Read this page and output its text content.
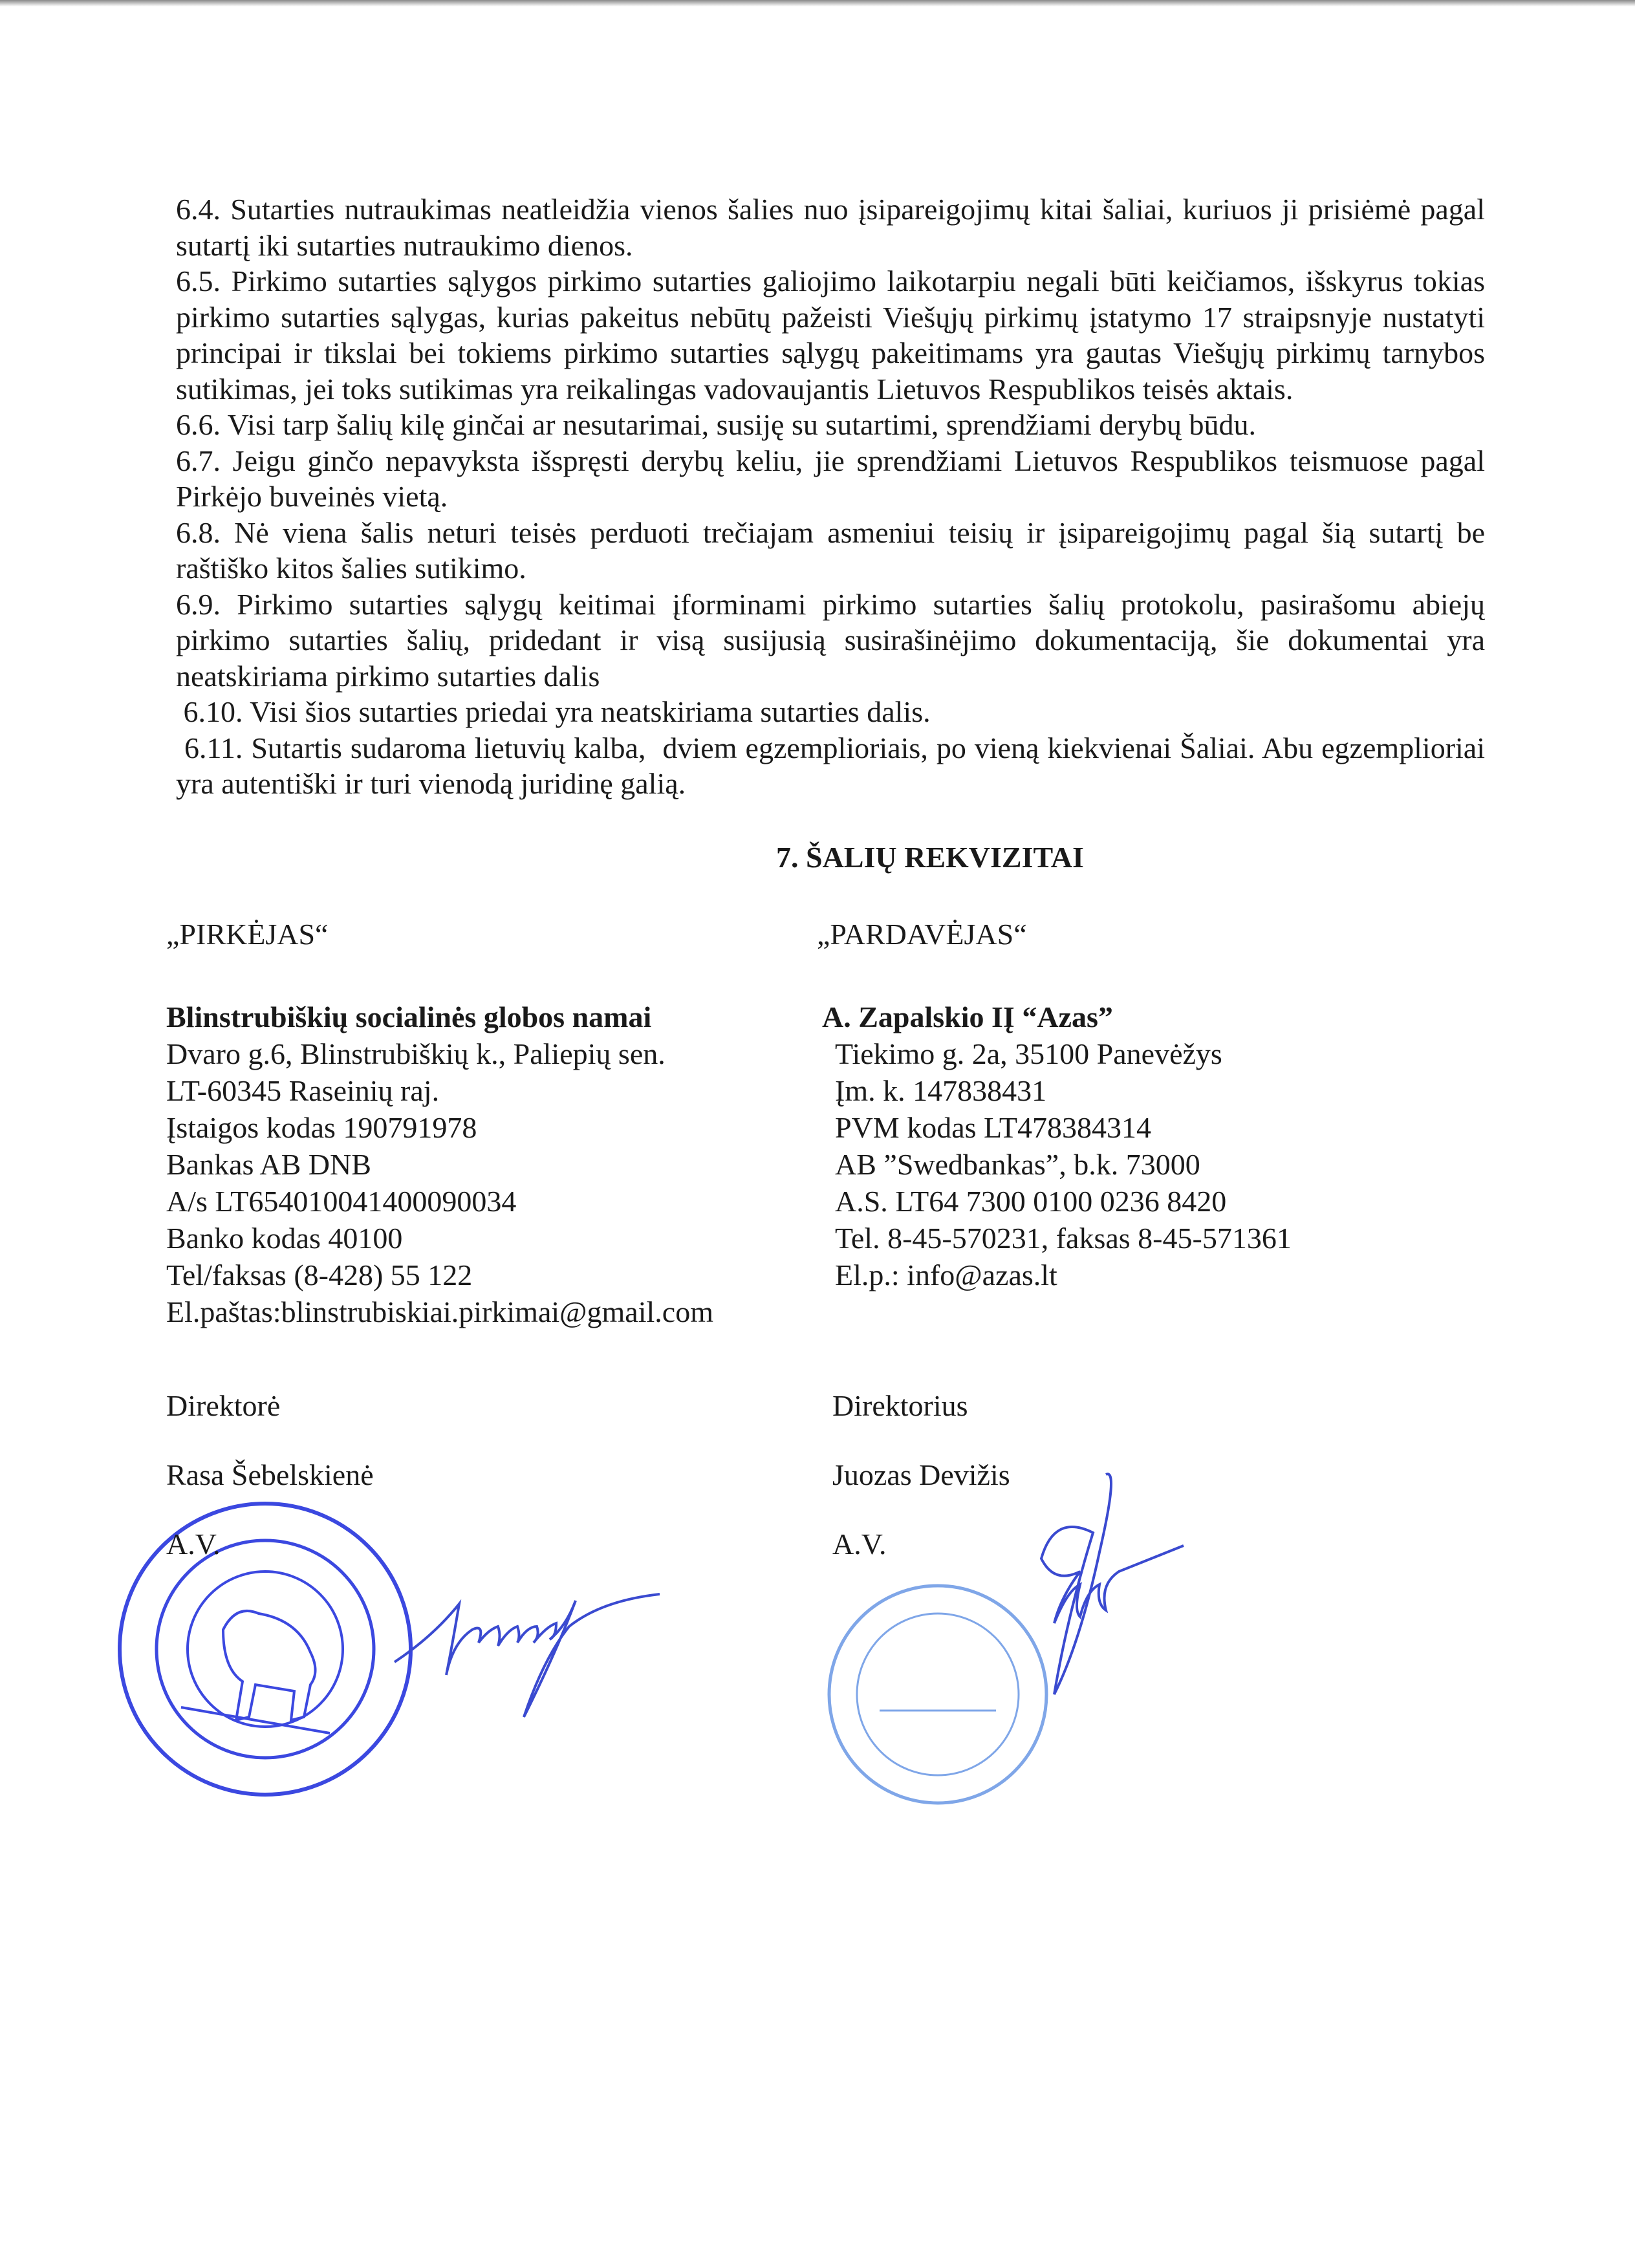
6.4. Sutarties nutraukimas neatleidžia vienos šalies nuo įsipareigojimų kitai šaliai, kuriuos ji prisiėmė pagal sutartį iki sutarties nutraukimo dienos.

6.5. Pirkimo sutarties sąlygos pirkimo sutarties galiojimo laikotarpiu negali būti keičiamos, išskyrus tokias pirkimo sutarties sąlygas, kurias pakeitus nebūtų pažeisti Viešųjų pirkimų įstatymo 17 straipsnyje nustatyti principai ir tikslai bei tokiems pirkimo sutarties sąlygų pakeitimams yra gautas Viešųjų pirkimų tarnybos sutikimas, jei toks sutikimas yra reikalingas vadovaujantis Lietuvos Respublikos teisės aktais.

6.6. Visi tarp šalių kilę ginčai ar nesutarimai, susiję su sutartimi, sprendžiami derybų būdu.

6.7. Jeigu ginčo nepavyksta išspręsti derybų keliu, jie sprendžiami Lietuvos Respublikos teismuose pagal Pirkėjo buveinės vietą.

6.8. Nė viena šalis neturi teisės perduoti trečiajam asmeniui teisių ir įsipareigojimų pagal šią sutartį be raštiško kitos šalies sutikimo.

6.9. Pirkimo sutarties sąlygų keitimai įforminami pirkimo sutarties šalių protokolu, pasirašomu abiejų pirkimo sutarties šalių, pridedant ir visą susijusią susirašinėjimo dokumentaciją, šie dokumentai yra neatskiriama pirkimo sutarties dalis

6.10. Visi šios sutarties priedai yra neatskiriama sutarties dalis.

6.11. Sutartis sudaroma lietuvių kalba,  dviem egzemplioriais, po vieną kiekvienai Šaliai. Abu egzemplioriai yra autentiški ir turi vienodą juridinę galią.

7. ŠALIŲ REKVIZITAI

„PIRKĖJAS“

Blinstrubiškių socialinės globos namai

Dvaro g.6, Blinstrubiškių k., Paliepių sen.

LT-60345 Raseinių raj.

Įstaigos kodas 190791978

Bankas AB DNB

A/s LT654010041400090034

Banko kodas 40100

Tel/faksas (8-428) 55 122

El.paštas:blinstrubiskiai.pirkimai@gmail.com

Direktorė

Rasa Šebelskienė

A.V.

„PARDAVĖJAS“

A. Zapalskio IĮ “Azas”

Tiekimo g. 2a, 35100 Panevėžys

Įm. k. 147838431

PVM kodas LT478384314

AB ”Swedbankas”, b.k. 73000

A.S. LT64 7300 0100 0236 8420

Tel. 8-45-570231, faksas 8-45-571361

El.p.: info@azas.lt

Direktorius

Juozas Devižis

A.V.
